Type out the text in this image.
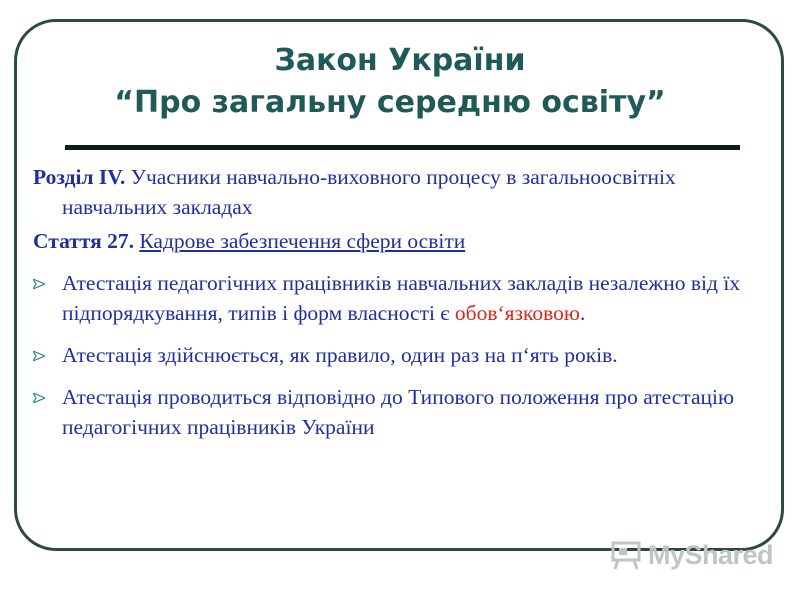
Закон України
“Про загальну середню освіту”

Розділ IV. Учасники навчально-виховного процесу в загальноосвітніх навчальних закладах

Стаття 27. Кадрове забезпечення сфери освіти

Атестація педагогічних працівників навчальних закладів незалежно від їх підпорядкування, типів і форм власності є обов‘язковою.
Атестація здійснюється, як правило, один раз на п‘ять років.
Атестація проводиться відповідно до Типового положення про атестацію педагогічних працівників України
MyShared
